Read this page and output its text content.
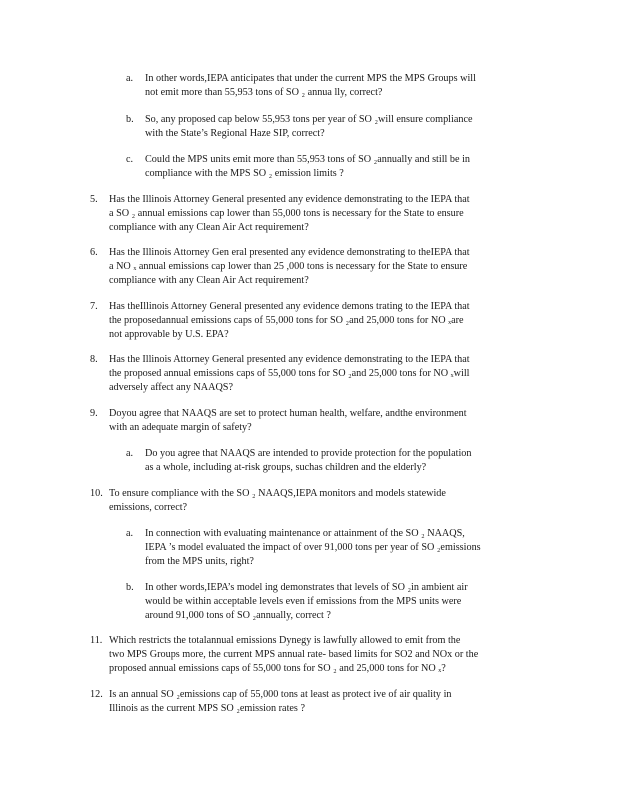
a. In other words,IEPA anticipates that under the current MPS the MPS Groups will
not emit more than 55,953 tons of SO ₂ annua lly, correct?
b. So, any proposed cap below 55,953 tons per year of SO ₂will ensure compliance
with the State’s Regional Haze SIP, correct?
c. Could the MPS units emit more than 55,953 tons of SO ₂annually and still be in
compliance with the MPS SO ₂ emission limits ?
5. Has the Illinois Attorney General presented any evidence demonstrating to the IEPA that
a SO ₂ annual emissions cap lower than 55,000 tons is necessary for the State to ensure
compliance with any Clean Air Act requirement?
6. Has the Illinois Attorney Gen eral presented any evidence demonstrating to theIEPA that
a NO ₓ annual emissions cap lower than 25 ,000 tons is necessary for the State to ensure
compliance with any Clean Air Act requirement?
7. Has theIllinois Attorney General presented any evidence demons trating to the IEPA that
the proposedannual emissions caps of 55,000 tons for SO ₂and 25,000 tons for NO ₓare
not approvable by U.S. EPA?
8. Has the Illinois Attorney General presented any evidence demonstrating to the IEPA that
the proposed annual emissions caps of 55,000 tons for SO ₂and 25,000 tons for NO ₓwill
adversely affect any NAAQS?
9. Doyou agree that NAAQS are set to protect human health, welfare, andthe environment
with an adequate margin of safety?
a. Do you agree that NAAQS are intended to provide protection for the population
as a whole, including at-risk groups, suchas children and the elderly?
10. To ensure compliance with the SO ₂ NAAQS,IEPA monitors and models statewide
emissions, correct?
a. In connection with evaluating maintenance or attainment of the SO ₂ NAAQS,
IEPA ’s model evaluated the impact of over 91,000 tons per year of SO ₂emissions
from the MPS units, right?
b. In other words,IEPA’s model ing demonstrates that levels of SO ₂in ambient air
would be within acceptable levels even if emissions from the MPS units were
around 91,000 tons of SO ₂annually, correct ?
11. Which restricts the totalannual emissions Dynegy is lawfully allowed to emit from the
two MPS Groups more, the current MPS annual rate- based limits for SO2 and NOx or the
proposed annual emissions caps of 55,000 tons for SO ₂ and 25,000 tons for NO ₓ?
12. Is an annual SO ₂emissions cap of 55,000 tons at least as protect ive of air quality in
Illinois as the current MPS SO ₂emission rates ?
